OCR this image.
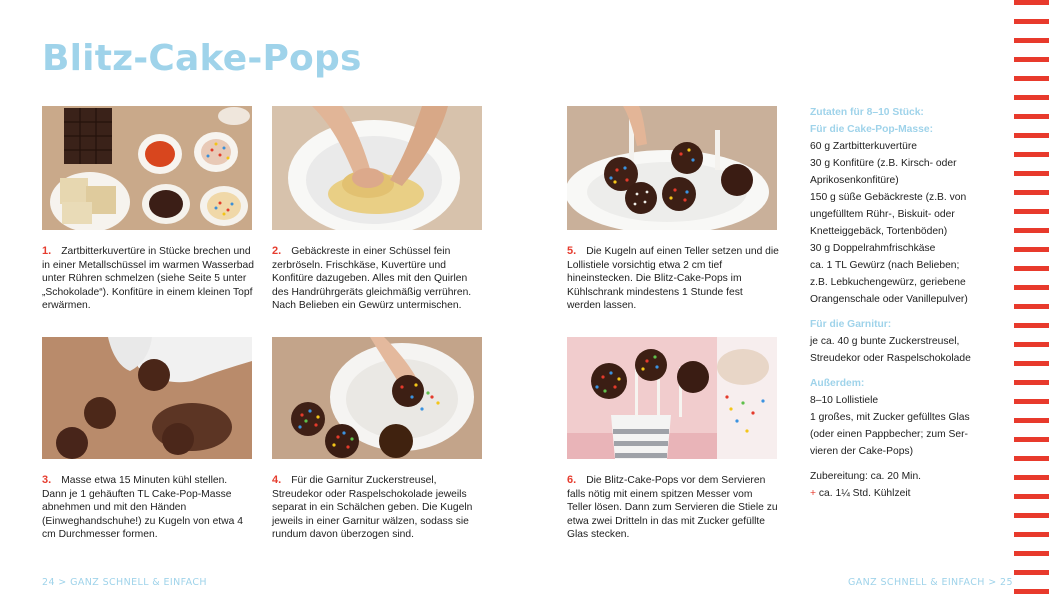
Blitz-Cake-Pops

1. Zartbitterkuvertüre in Stücke brechen und in einer Metallschüssel im warmen Wasserbad unter Rühren schmelzen (siehe Seite 5 unter „Schokolade“). Konfitüre in einem kleinen Topf erwärmen.

2. Gebäckreste in einer Schüssel fein zerbröseln. Frischkäse, Kuvertüre und Konfitüre dazugeben. Alles mit den Quirlen des Handrührgeräts gleichmäßig verrühren. Nach Belieben ein Gewürz untermischen.

3. Masse etwa 15 Minuten kühl stellen. Dann je 1 gehäuften TL Cake-Pop-Masse abnehmen und mit den Händen (Einweghandschuhe!) zu Kugeln von etwa 4 cm Durchmesser formen.

4. Für die Garnitur Zuckerstreusel, Streudekor oder Raspelschokolade jeweils separat in ein Schälchen geben. Die Kugeln jeweils in einer Garnitur wälzen, sodass sie rundum davon überzogen sind.

5. Die Kugeln auf einen Teller setzen und die Lollistiele vorsichtig etwa 2 cm tief hineinstecken. Die Blitz-Cake-Pops im Kühlschrank mindestens 1 Stunde fest werden lassen.

6. Die Blitz-Cake-Pops vor dem Servieren falls nötig mit einem spitzen Messer vom Teller lösen. Dann zum Servieren die Stiele zu etwa zwei Dritteln in das mit Zucker gefüllte Glas stecken.

Zutaten für 8–10 Stück:
Für die Cake-Pop-Masse:
60 g Zartbitterkuvertüre
30 g Konfitüre (z.B. Kirsch- oder
Aprikosenkonfitüre)
150 g süße Gebäckreste (z.B. von
ungefülltem Rühr-, Biskuit- oder
Knetteiggebäck, Tortenböden)
30 g Doppelrahmfrischkäse
ca. 1 TL Gewürz (nach Belieben;
z.B. Lebkuchengewürz, geriebene
Orangenschale oder Vanillepulver)
Für die Garnitur:
je ca. 40 g bunte Zuckerstreusel,
Streudekor oder Raspelschokolade
Außerdem:
8–10 Lollistiele
1 großes, mit Zucker gefülltes Glas
(oder einen Pappbecher; zum Ser-
vieren der Cake-Pops)
Zubereitung: ca. 20 Min.
+ ca. 1¼ Std. Kühlzeit
24 > GANZ SCHNELL & EINFACH	GANZ SCHNELL & EINFACH > 25
